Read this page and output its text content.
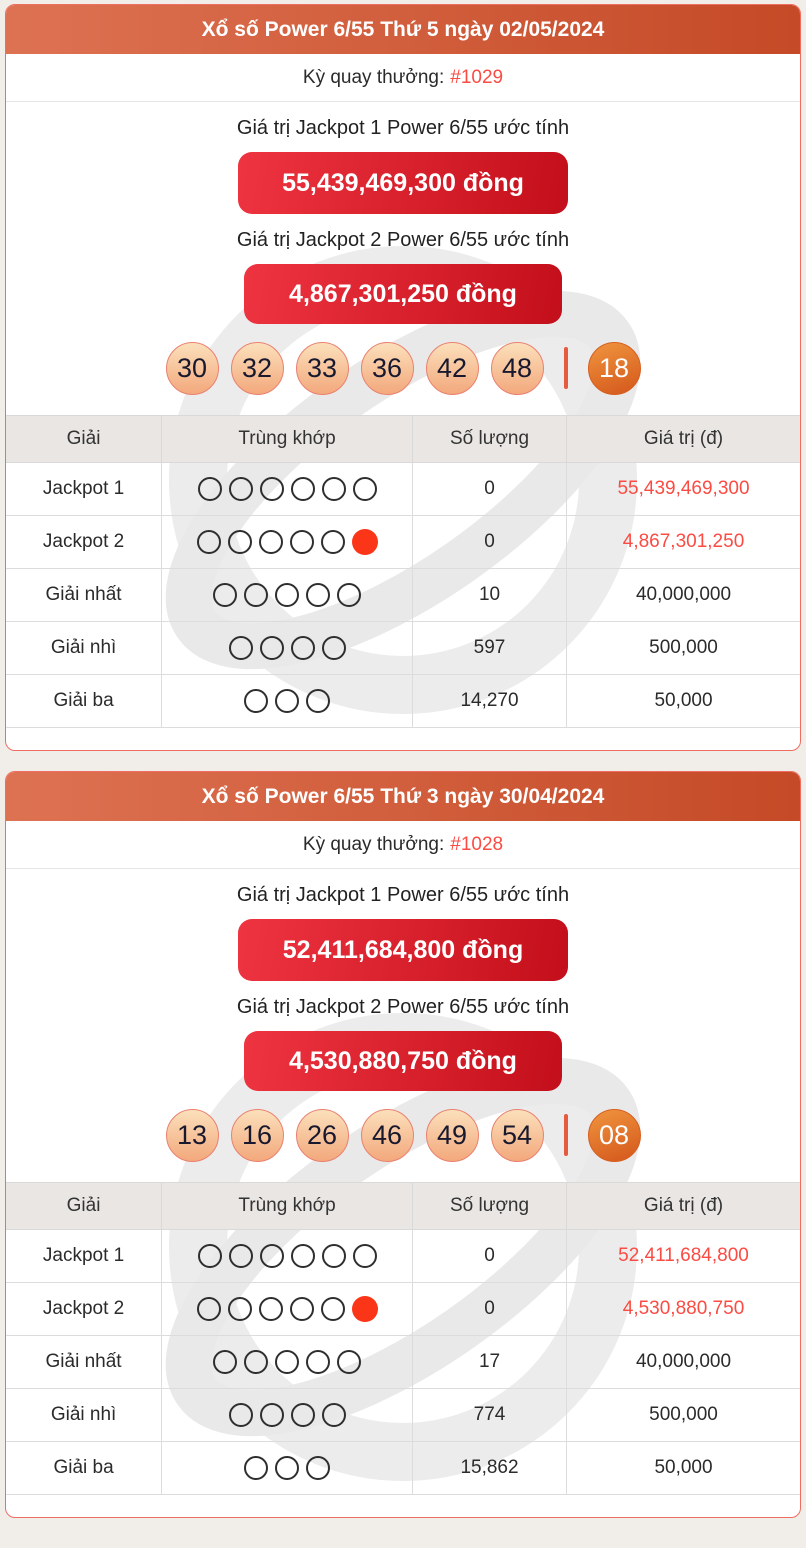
Xổ số Power 6/55 Thứ 5 ngày 02/05/2024
Kỳ quay thưởng: #1029
Giá trị Jackpot 1 Power 6/55 ước tính
55,439,469,300 đồng
Giá trị Jackpot 2 Power 6/55 ước tính
4,867,301,250 đồng
30	32	33	36	42	48	18
Giải	Trùng khớp	Số lượng	Giá trị (đ)
Jackpot 1		0	55,439,469,300
Jackpot 2		0	4,867,301,250
Giải nhất		10	40,000,000
Giải nhì		597	500,000
Giải ba		14,270	50,000
Xổ số Power 6/55 Thứ 3 ngày 30/04/2024
Kỳ quay thưởng: #1028
Giá trị Jackpot 1 Power 6/55 ước tính
52,411,684,800 đồng
Giá trị Jackpot 2 Power 6/55 ước tính
4,530,880,750 đồng
13	16	26	46	49	54	08
Giải	Trùng khớp	Số lượng	Giá trị (đ)
Jackpot 1		0	52,411,684,800
Jackpot 2		0	4,530,880,750
Giải nhất		17	40,000,000
Giải nhì		774	500,000
Giải ba		15,862	50,000
